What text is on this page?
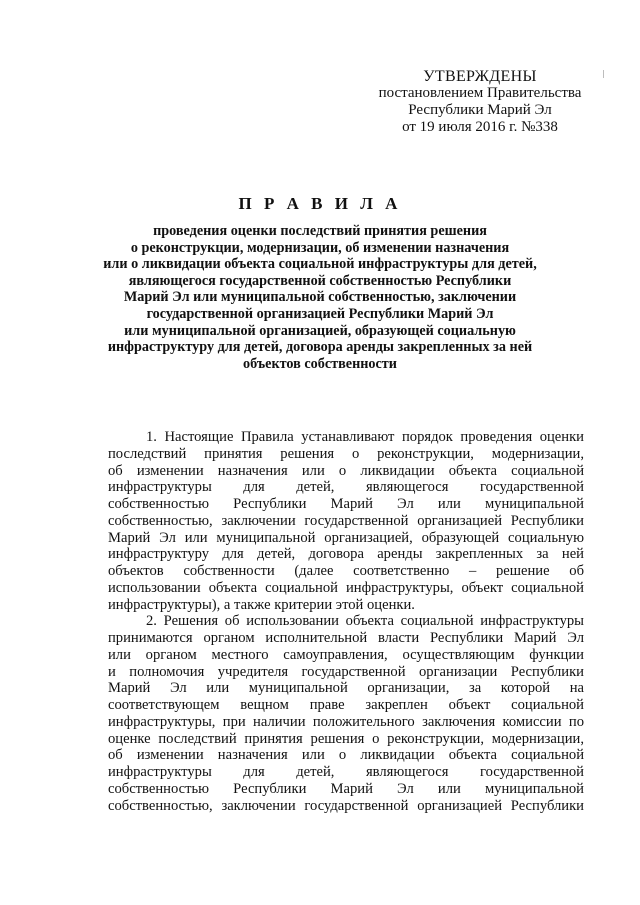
УТВЕРЖДЕНЫ
постановлением Правительства
Республики Марий Эл
от 19 июля 2016 г. №338
П Р А В И Л А
проведения оценки последствий принятия решения
о реконструкции, модернизации, об изменении назначения
или о ликвидации объекта социальной инфраструктуры для детей,
являющегося государственной собственностью Республики
Марий Эл или муниципальной собственностью, заключении
государственной организацией Республики Марий Эл
или муниципальной организацией, образующей социальную
инфраструктуру для детей, договора аренды закрепленных за ней
объектов собственности
1. Настоящие Правила устанавливают порядок проведения оценки
последствий принятия решения о реконструкции, модернизации,
об изменении назначения или о ликвидации объекта социальной
инфраструктуры для детей, являющегося государственной
собственностью Республики Марий Эл или муниципальной
собственностью, заключении государственной организацией Республики
Марий Эл или муниципальной организацией, образующей социальную
инфраструктуру для детей, договора аренды закрепленных за ней
объектов собственности (далее соответственно – решение об
использовании объекта социальной инфраструктуры, объект социальной
инфраструктуры), а также критерии этой оценки.
2. Решения об использовании объекта социальной инфраструктуры
принимаются органом исполнительной власти Республики Марий Эл
или органом местного самоуправления, осуществляющим функции
и полномочия учредителя государственной организации Республики
Марий Эл или муниципальной организации, за которой на
соответствующем вещном праве закреплен объект социальной
инфраструктуры, при наличии положительного заключения комиссии по
оценке последствий принятия решения о реконструкции, модернизации,
об изменении назначения или о ликвидации объекта социальной
инфраструктуры для детей, являющегося государственной
собственностью Республики Марий Эл или муниципальной
собственностью, заключении государственной организацией Республики
